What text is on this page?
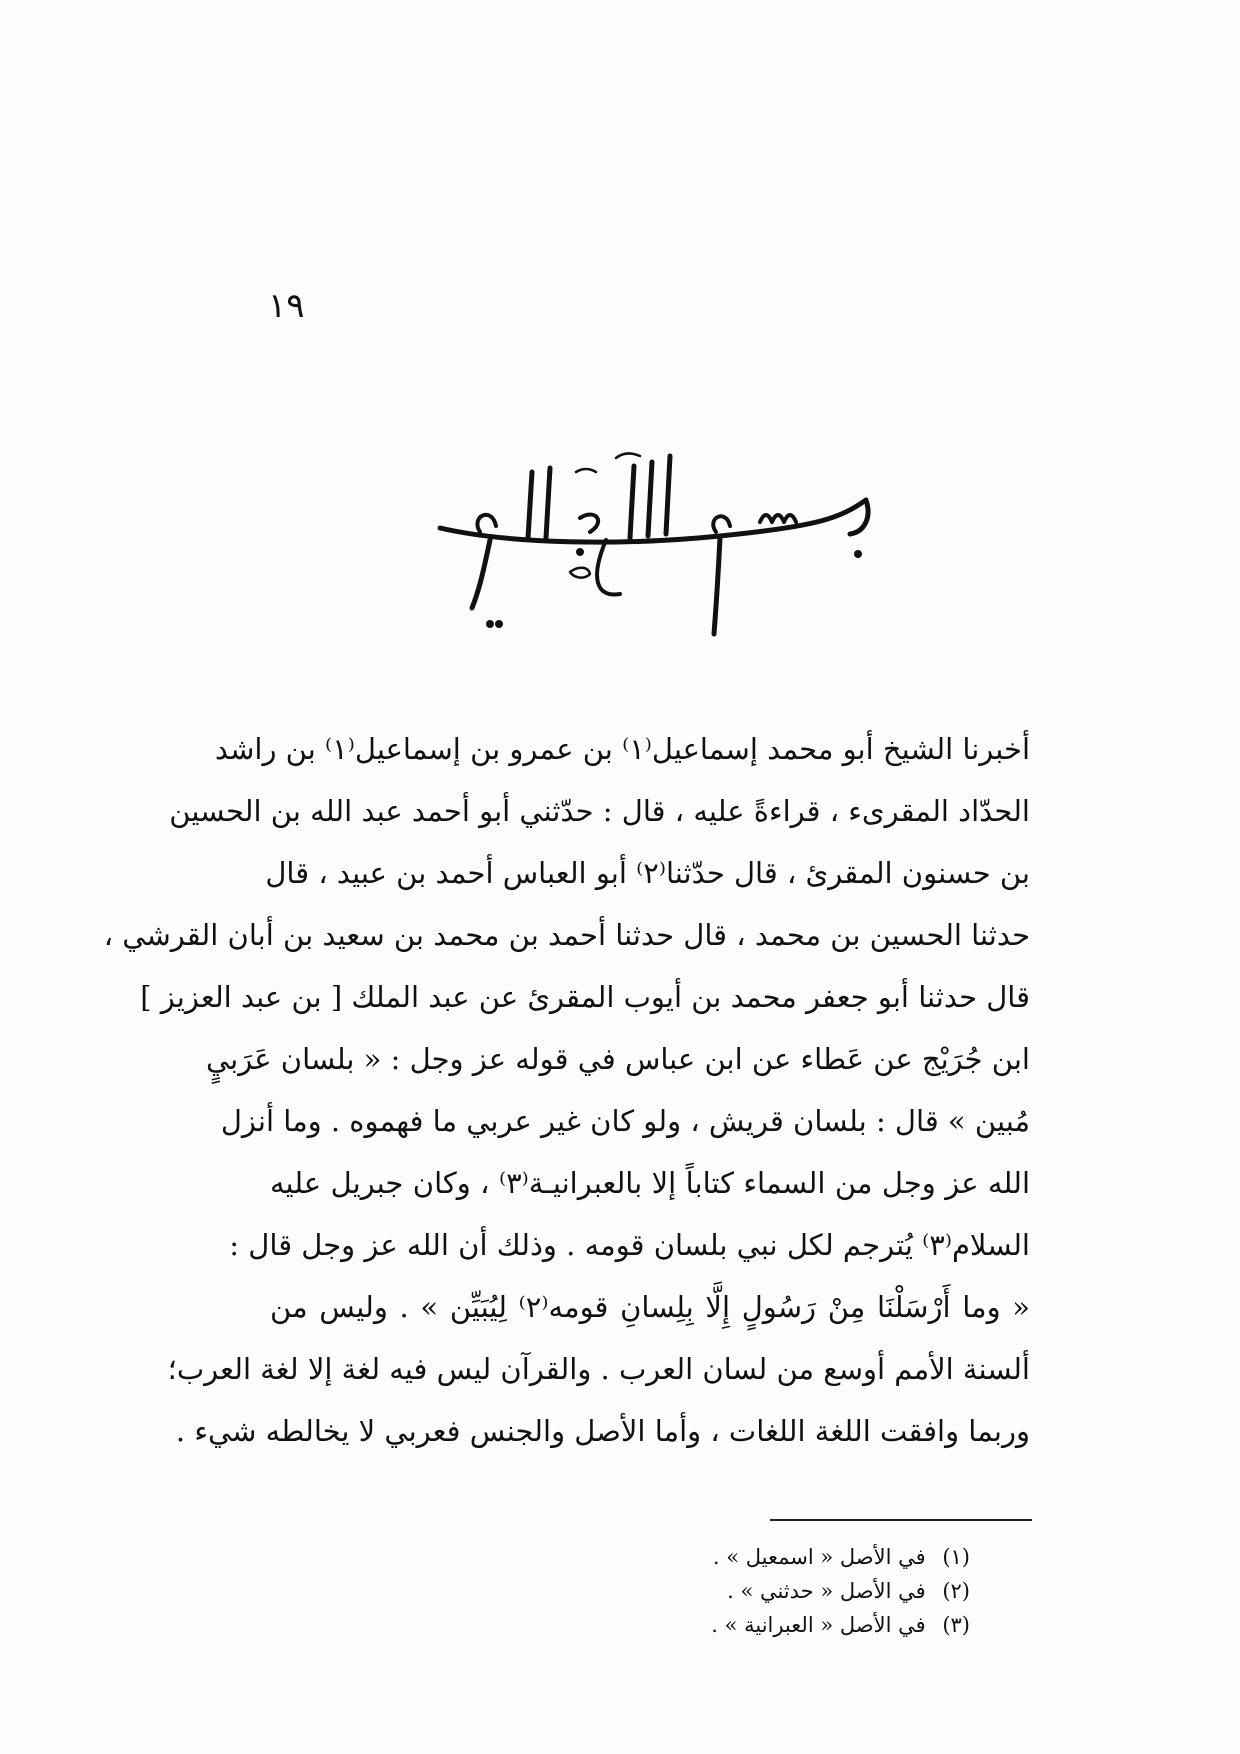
١٩
أخبرنا الشيخ أبو محمد إسماعيل⁽١⁾ بن عمرو بن إسماعيل⁽١⁾ بن راشد
الحدّاد المقرىء ، قراءةً عليه ، قال : حدّثني أبو أحمد عبد الله بن الحسين
بن حسنون المقرئ ، قال حدّثنا⁽٢⁾ أبو العباس أحمد بن عبيد ، قال
حدثنا الحسين بن محمد ، قال حدثنا أحمد بن محمد بن سعيد بن أبان القرشي ،
قال حدثنا أبو جعفر محمد بن أيوب المقرئ عن عبد الملك [ بن عبد العزيز ]
ابن جُرَيْج عن عَطاء عن ابن عباس في قوله عز وجل : « بلسان عَرَبيٍ
مُبين » قال : بلسان قريش ، ولو كان غير عربي ما فهموه . وما أنزل
الله عز وجل من السماء كتاباً إلا بالعبرانيـة⁽٣⁾ ، وكان جبريل عليه
السلام⁽٣⁾ يُترجم لكل نبي بلسان قومه . وذلك أن الله عز وجل قال :
« وما أَرْسَلْنَا مِنْ رَسُولٍ إِلَّا بِلِسانِ قومه⁽٢⁾ لِيُبَيِّن » . وليس من
ألسنة الأمم أوسع من لسان العرب . والقرآن ليس فيه لغة إلا لغة العرب؛
وربما وافقت اللغة اللغات ، وأما الأصل والجنس فعربي لا يخالطه شيء .
(١) في الأصل « اسمعيل » .
(٢) في الأصل « حدثني » .
(٣) في الأصل « العبرانية » .
